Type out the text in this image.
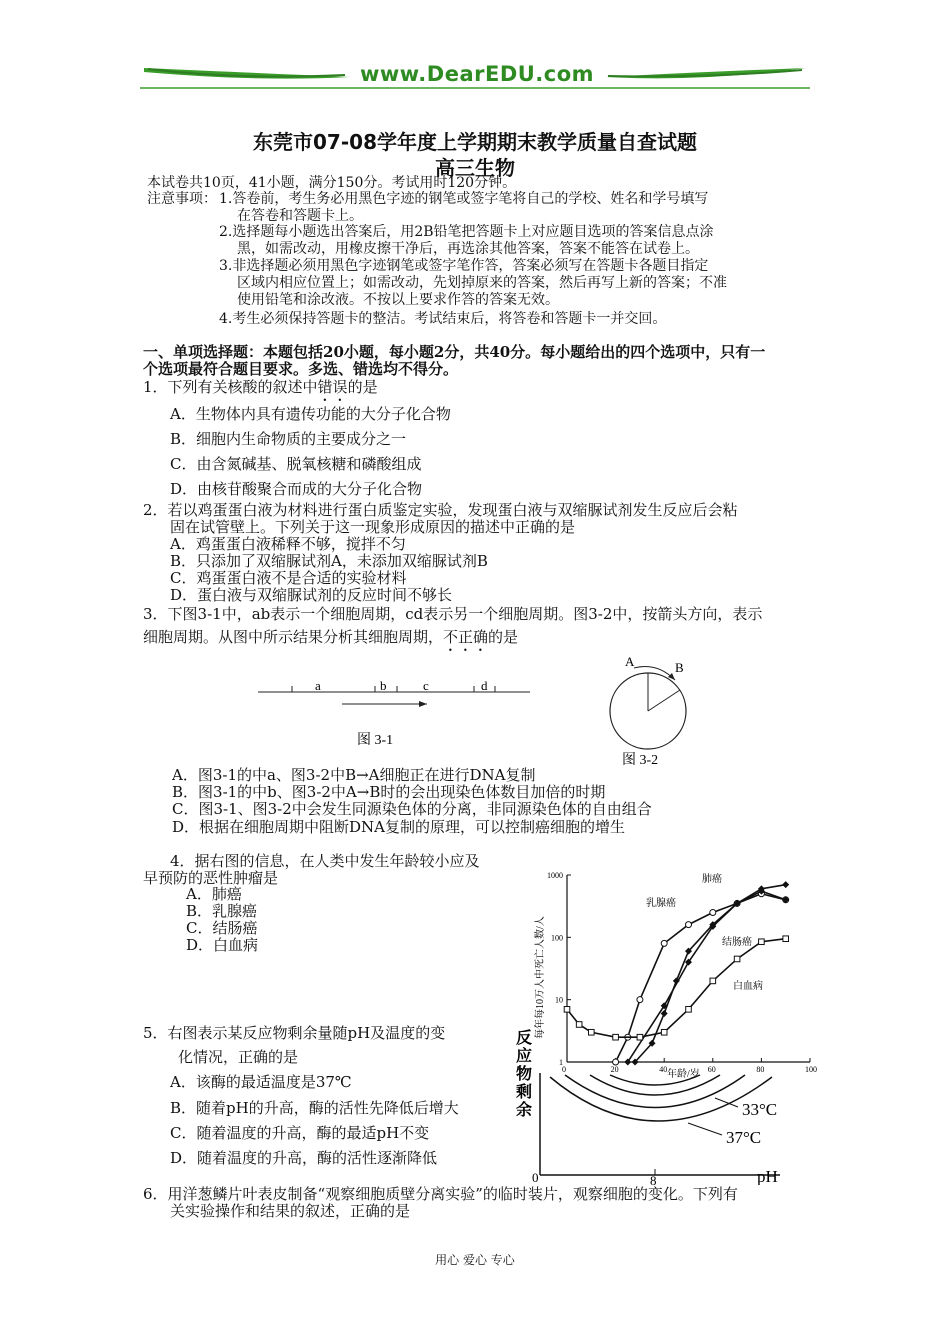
www.DearEDU.com
东莞市07-08学年度上学期期末教学质量自查试题
高三生物
本试卷共10页，41小题，满分150分。考试用时120分钟。
注意事项： 1.答卷前，考生务必用黑色字迹的钢笔或签字笔将自己的学校、姓名和学号填写
在答卷和答题卡上。
2.选择题每小题选出答案后，用2B铅笔把答题卡上对应题目选项的答案信息点涂
黑，如需改动，用橡皮擦干净后，再选涂其他答案，答案不能答在试卷上。
3.非选择题必须用黑色字迹钢笔或签字笔作答，答案必须写在答题卡各题目指定
区域内相应位置上；如需改动，先划掉原来的答案，然后再写上新的答案；不准
使用铅笔和涂改液。不按以上要求作答的答案无效。
4.考生必须保持答题卡的整洁。考试结束后，将答卷和答题卡一并交回。
一、单项选择题：本题包括20小题，每小题2分，共40分。每小题给出的四个选项中，只有一
个选项最符合题目要求。多选、错选均不得分。
1．下列有关核酸的叙述中错误的是
A．生物体内具有遗传功能的大分子化合物
B．细胞内生命物质的主要成分之一
C．由含氮碱基、脱氧核糖和磷酸组成
D．由核苷酸聚合而成的大分子化合物
2．若以鸡蛋蛋白液为材料进行蛋白质鉴定实验，发现蛋白液与双缩脲试剂发生反应后会粘
固在试管壁上。下列关于这一现象形成原因的描述中正确的是
A．鸡蛋蛋白液稀释不够，搅拌不匀
B．只添加了双缩脲试剂A，未添加双缩脲试剂B
C．鸡蛋蛋白液不是合适的实验材料
D．蛋白液与双缩脲试剂的反应时间不够长
3．下图3-1中，ab表示一个细胞周期，cd表示另一个细胞周期。图3-2中，按箭头方向，表示
细胞周期。从图中所示结果分析其细胞周期，不正确的是
a	b	c	d
图 3-1
A	B
图 3-2
A．图3-1的中a、图3-2中B→A细胞正在进行DNA复制
B．图3-1的中b、图3-2中A→B时的会出现染色体数目加倍的时期
C．图3-1、图3-2中会发生同源染色体的分离，非同源染色体的自由组合
D．根据在细胞周期中阻断DNA复制的原理，可以控制癌细胞的增生
4．据右图的信息，在人类中发生年龄较小应及
早预防的恶性肿瘤是
A．肺癌
B．乳腺癌
C．结肠癌
D．白血病
0	20	40	60	80	100
1
10
100
1000	肺癌
乳腺癌
结肠癌
白血病
年龄/岁
每年每10万人中死亡人数/人
5．右图表示某反应物剩余量随pH及温度的变
化情况，正确的是
A．该酶的最适温度是37℃
B．随着pH的升高，酶的活性先降低后增大
C．随着温度的升高，酶的最适pH不变
D．随着温度的升高，酶的活性逐渐降低
反 应 物 剩 余	33°C
37°C
0	8	pH
6．用洋葱鳞片叶表皮制备“观察细胞质壁分离实验”的临时装片，观察细胞的变化。下列有
关实验操作和结果的叙述，正确的是
用心 爱心 专心
